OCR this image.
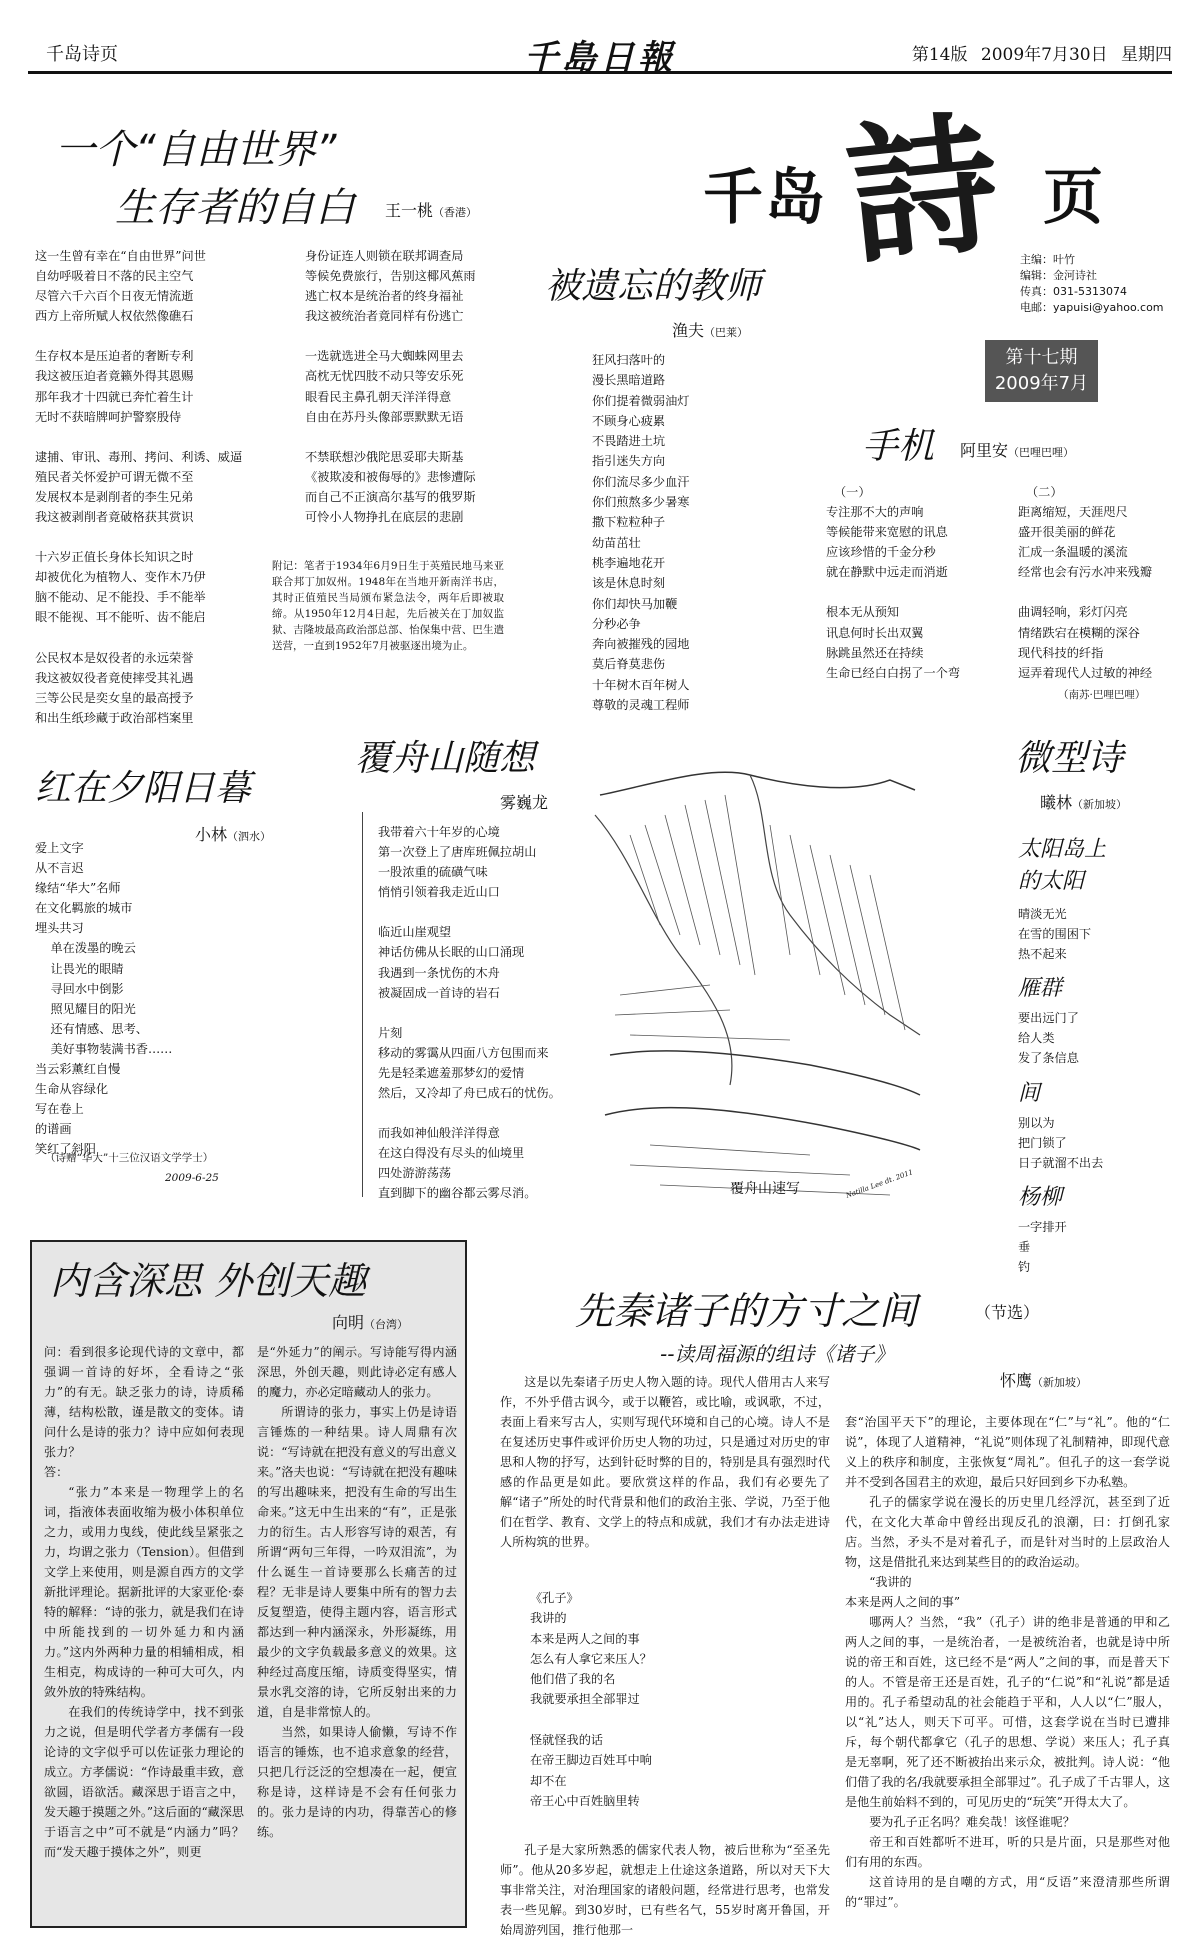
千岛诗页	千島日報	第14版 2009年7月30日 星期四
千岛 詩 页
主编：叶竹
编辑：金河诗社
传真：031-5313074
电邮：yapuisi@yahoo.com
第十七期
2009年7月
一个“自由世界”
生存者的自白 王一桃（香港）

这一生曾有幸在“自由世界”问世
自幼呼吸着日不落的民主空气
尽管六千六百个日夜无情流逝
西方上帝所赋人权依然像礁石

生存权本是压迫者的奢断专利
我这被压迫者竟籁外得其恩赐
那年我才十四就已奔忙着生计
无时不获暗牌呵护警察殷侍

逮捕、审讯、毒刑、拷问、利诱、威逼
殖民者关怀爱护可谓无微不至
发展权本是剥削者的李生兄弟
我这被剥削者竟破格获其赏识

十六岁正值长身体长知识之时
却被优化为植物人、变作木乃伊
脑不能动、足不能投、手不能举
眼不能视、耳不能听、齿不能启

公民权本是奴役者的永远荣誉
我这被奴役者竟使摔受其礼遇
三等公民是奕女皇的最高授予
和出生纸珍藏于政治部档案里

身份证连人则锁在联邦调查局
等候免费旅行，告别这椰风蕉雨
逃亡权本是统治者的终身福祉
我这被统治者竟同样有份逃亡

一选就选进全马大蜘蛛网里去
高枕无忧四肢不动只等安乐死
眼看民主鼻孔朝天洋洋得意
自由在苏丹头像部票默默无语

不禁联想沙俄陀思妥耶夫斯基
《被欺凌和被侮辱的》悲惨遭际
而自己不正演高尔基写的俄罗斯
可怜小人物挣扎在底层的悲剧

附记：笔者于1934年6月9日生于英殖民地马来亚联合邦丁加奴州。1948年在当地开新南洋书店，其时正值殖民当局颁布紧急法令，两年后即被取缔。从1950年12月4日起，先后被关在丁加奴监狱、吉隆坡最高政治部总部、怡保集中营、巴生遣送营，一直到1952年7月被驱逐出境为止。
被遗忘的教师
渔夫（巴莱）

狂风扫落叶的
漫长黑暗道路
你们提着微弱油灯
不顾身心疲累
不畏踏进土坑
指引迷失方向
你们流尽多少血汗
你们煎熬多少暑寒
撒下粒粒种子
幼苗茁壮
桃李遍地花开
该是休息时刻
你们却快马加鞭
分秒必争
奔向被摧残的园地
莫后脊莫悲伤
十年树木百年树人
尊敬的灵魂工程师

手机 阿里安（巴哩巴哩）

（一）

专注那不大的声响
等候能带来宽慰的讯息
应该珍惜的千金分秒
就在静默中远走而消逝

根本无从预知
讯息何时长出双翼
脉跳虽然还在持续
生命已经白白拐了一个弯

（二）

距离缩短，天涯咫尺
盛开很美丽的鲜花
汇成一条温暖的溪流
经常也会有污水冲来残瓣

曲调轻响，彩灯闪亮
情绪跌宕在模糊的深谷
现代科技的纤指
逗弄着现代人过敏的神经

（南苏·巴哩巴哩）

红在夕阳日暮
小林（泗水）

爱上文字
从不言迟
缘结“华大”名师
在文化羁旅的城市
埋头共习
单在泼墨的晚云
让畏光的眼睛
寻回水中倒影
照见耀目的阳光
还有情感、思考、
美好事物装满书香……
当云彩薰红自慢
生命从容绿化
写在卷上
的谱画
笑红了斜阳

（诗赠“华大”十三位汉语文学学士）
2009-6-25
覆舟山随想
雾巍龙

我带着六十年岁的心境
第一次登上了唐库班佩拉胡山
一股浓重的硫磺气味
悄悄引领着我走近山口

临近山崖观望
神话仿佛从长眠的山口涌现
我遇到一条忧伤的木舟
被凝固成一首诗的岩石

片刻
移动的雾霭从四面八方包围而来
先是轻柔遮羞那梦幻的爱情
然后，又冷却了舟已成石的忧伤。

而我如神仙般洋洋得意
在这白得没有尽头的仙境里
四处游游荡荡
直到脚下的幽谷都云雾尽消。	Natilla Lee dt. 2011
覆舟山速写
微型诗
曦林（新加坡）

太阳岛上
的太阳

晴淡无光
在雪的围困下
热不起来

雁群

要出远门了
给人类
发了条信息

间

别以为
把门锁了
日子就溜不出去

杨柳

一字排开
垂
钓

内含深思 外创天趣
向明（台湾）

问：看到很多论现代诗的文章中，都强调一首诗的好坏，全看诗之“张力”的有无。缺乏张力的诗，诗质稀薄，结构松散，谨是散文的变体。请问什么是诗的张力？诗中应如何表现张力？

答：

“张力”本来是一物理学上的名词，指液体表面收缩为极小体积单位之力，或用力曳线，使此线呈紧张之力，均谓之张力（Tension）。但借到文学上来使用，则是源自西方的文学新批评理论。据新批评的大家亚伦·泰特的解释：“诗的张力，就是我们在诗中所能找到的一切外延力和内涵力。”这内外两种力量的相辅相成，相生相克，构成诗的一种可大可久，内敛外放的特殊结构。

在我们的传统诗学中，找不到张力之说，但是明代学者方孝儒有一段论诗的文字似乎可以佐证张力理论的成立。方孝儒说：“作诗最重丰致，意欲圆，语欲活。藏深思于语言之中，发天趣于摸题之外。”这后面的“藏深思于语言之中”可不就是“内涵力”吗？而“发天趣于摸体之外”，则更

是“外延力”的阐示。写诗能写得内涵深思，外创天趣，则此诗必定有感人的魔力，亦必定暗藏动人的张力。

所谓诗的张力，事实上仍是诗语言锤炼的一种结果。诗人周鼎有次说：“写诗就在把没有意义的写出意义来。”洛夫也说：“写诗就在把没有趣味的写出趣味来，把没有生命的写出生命来。”这无中生出来的“有”，正是张力的衍生。古人形容写诗的艰苦，有所谓“两句三年得，一吟双泪流”，为什么诞生一首诗要那么长痛苦的过程？无非是诗人要集中所有的智力去反复塑造，使得主题内容，语言形式都达到一种内涵深永，外形凝练，用最少的文字负载最多意义的效果。这种经过高度压缩，诗质变得坚实，情景水乳交溶的诗，它所反射出来的力道，自是非常惊人的。

当然，如果诗人偷懒，写诗不作语言的锤炼，也不追求意象的经营，只把几行泛泛的空想凑在一起，便宣称是诗，这样诗是不会有任何张力的。张力是诗的内功，得靠苦心的修练。

先秦诸子的方寸之间	（节选）
--读周福源的组诗《诸子》
怀鹰（新加坡）

这是以先秦诸子历史人物入题的诗。现代人借用古人来写作，不外乎借古讽今，或于以鞭笞，或比喻，或讽歌，不过，表面上看来写古人，实则写现代环境和自己的心境。诗人不是在复述历史事件或评价历史人物的功过，只是通过对历史的审思和人物的抒写，达到针砭时弊的目的，特别是具有强烈时代感的作品更是如此。要欣赏这样的作品，我们有必要先了解“诸子”所处的时代背景和他们的政治主张、学说，乃至于他们在哲学、教育、文学上的特点和成就，我们才有办法走进诗人所构筑的世界。

《孔子》
我讲的
本来是两人之间的事
怎么有人拿它来压人？
他们借了我的名
我就要承担全部罪过

怪就怪我的话
在帝王脚边百姓耳中响
却不在
帝王心中百姓脑里转

孔子是大家所熟悉的儒家代表人物，被后世称为“至圣先师”。他从20多岁起，就想走上仕途这条道路，所以对天下大事非常关注，对治理国家的诸般问题，经常进行思考，也常发表一些见解。到30岁时，已有些名气，55岁时离开鲁国，开始周游列国，推行他那一

套“治国平天下”的理论，主要体现在“仁”与“礼”。他的“仁说”，体现了人道精神，“礼说”则体现了礼制精神，即现代意义上的秩序和制度，主张恢复“周礼”。但孔子的这一套学说并不受到各国君主的欢迎，最后只好回到乡下办私塾。

孔子的儒家学说在漫长的历史里几经浮沉，甚至到了近代，在文化大革命中曾经出现反孔的浪潮，曰：打倒孔家店。当然，矛头不是对着孔子，而是针对当时的上层政治人物，这是借批孔来达到某些目的的政治运动。

“我讲的
本来是两人之间的事”

哪两人？当然，“我”（孔子）讲的绝非是普通的甲和乙两人之间的事，一是统治者，一是被统治者，也就是诗中所说的帝王和百姓，这已经不是“两人”之间的事，而是普天下的人。不管是帝王还是百姓，孔子的“仁说”和“礼说”都是适用的。孔子希望动乱的社会能趋于平和，人人以“仁”服人，以“礼”达人，则天下可平。可惜，这套学说在当时已遭排斥，每个朝代都拿它（孔子的思想、学说）来压人；孔子真是无辜啊，死了还不断被抬出来示众，被批判。诗人说：“他们借了我的名/我就要承担全部罪过”。孔子成了千古罪人，这是他生前始料不到的，可见历史的“玩笑”开得太大了。

要为孔子正名吗？难矣哉！该怪谁呢？

帝王和百姓都听不进耳，听的只是片面，只是那些对他们有用的东西。

这首诗用的是自嘲的方式，用“反语”来澄清那些所谓的“罪过”。
